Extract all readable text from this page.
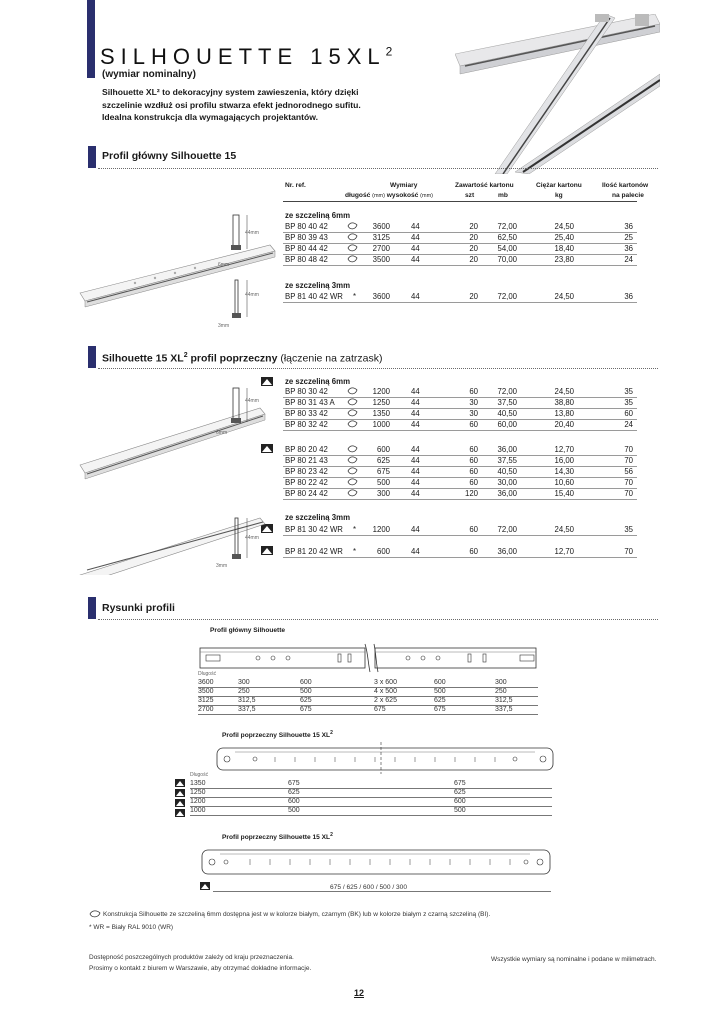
SILHOUETTE $15XL^2$
(wymiar nominalny)
Silhouette XL² to dekoracyjny system zawieszenia, który dzięki szczelinie wzdłuż osi profilu stwarza efekt jednorodnego sufitu. Idealna konstrukcja dla wymagających projektantów.
Profil główny Silhouette 15
Nr. ref.	Wymiary
długość (mm) wysokość (mm)
Zawartość kartonu
szt	mb
Ciężar kartonu
kg
Ilość kartonów
na palecie
ze szczeliną 6mm
BP 80 40 42	3600	44	20	72,00	24,50	36
BP 80 39 43	3125	44	20	62,50	25,40	25
BP 80 44 42	2700	44	20	54,00	18,40	36
BP 80 48 42	3500	44	20	70,00	23,80	24
ze szczeliną 3mm
BP 81 40 42 WR *	3600	44	20	72,00	24,50	36
44mm
6mm
44mm
3mm
Silhouette 15 $XL^2$ profil poprzeczny (łączenie na zatrzask)
ze szczeliną 6mm
BP 80 30 42	1200	44	60	72,00	24,50	35
BP 80 31 43 A	1250	44	30	37,50	38,80	35
BP 80 33 42	1350	44	30	40,50	13,80	60
BP 80 32 42	1000	44	60	60,00	20,40	24
BP 80 20 42	600	44	60	36,00	12,70	70
BP 80 21 43	625	44	60	37,55	16,00	70
BP 80 23 42	675	44	60	40,50	14,30	56
BP 80 22 42	500	44	60	30,00	10,60	70
BP 80 24 42	300	44	120	36,00	15,40	70
ze szczeliną 3mm
BP 81 30 42 WR *	1200	44	60	72,00	24,50	35
BP 81 20 42 WR *	600	44	60	36,00	12,70	70
44mm
6mm
44mm
3mm
Rysunki profili
Profil główny Silhouette
Długość
3600	300	600	3 x 600	600	300
3500	250	500	4 x 500	500	250
3125	312,5	625	2 x 625	625	312,5
2700	337,5	675	675	675	337,5
Profil poprzeczny Silhouette 15 $XL^2$
Długość
1350	675	675
1250	625	625
1200	600	600
1000	500	500
Profil poprzeczny Silhouette 15 $XL^2$
675 / 625 / 600 / 500 / 300
Konstrukcja Silhouette ze szczeliną 6mm dostępna jest w w kolorze białym, czarnym (BK) lub w kolorze białym z czarną szczeliną (BI).
* WR = Biały RAL 9010 (WR)
Dostępność poszczególnych produktów zależy od kraju przeznaczenia.
Prosimy o kontakt z biurem w Warszawie, aby otrzymać dokładne informacje.
Wszystkie wymiary są nominalne i podane w milimetrach.
12
